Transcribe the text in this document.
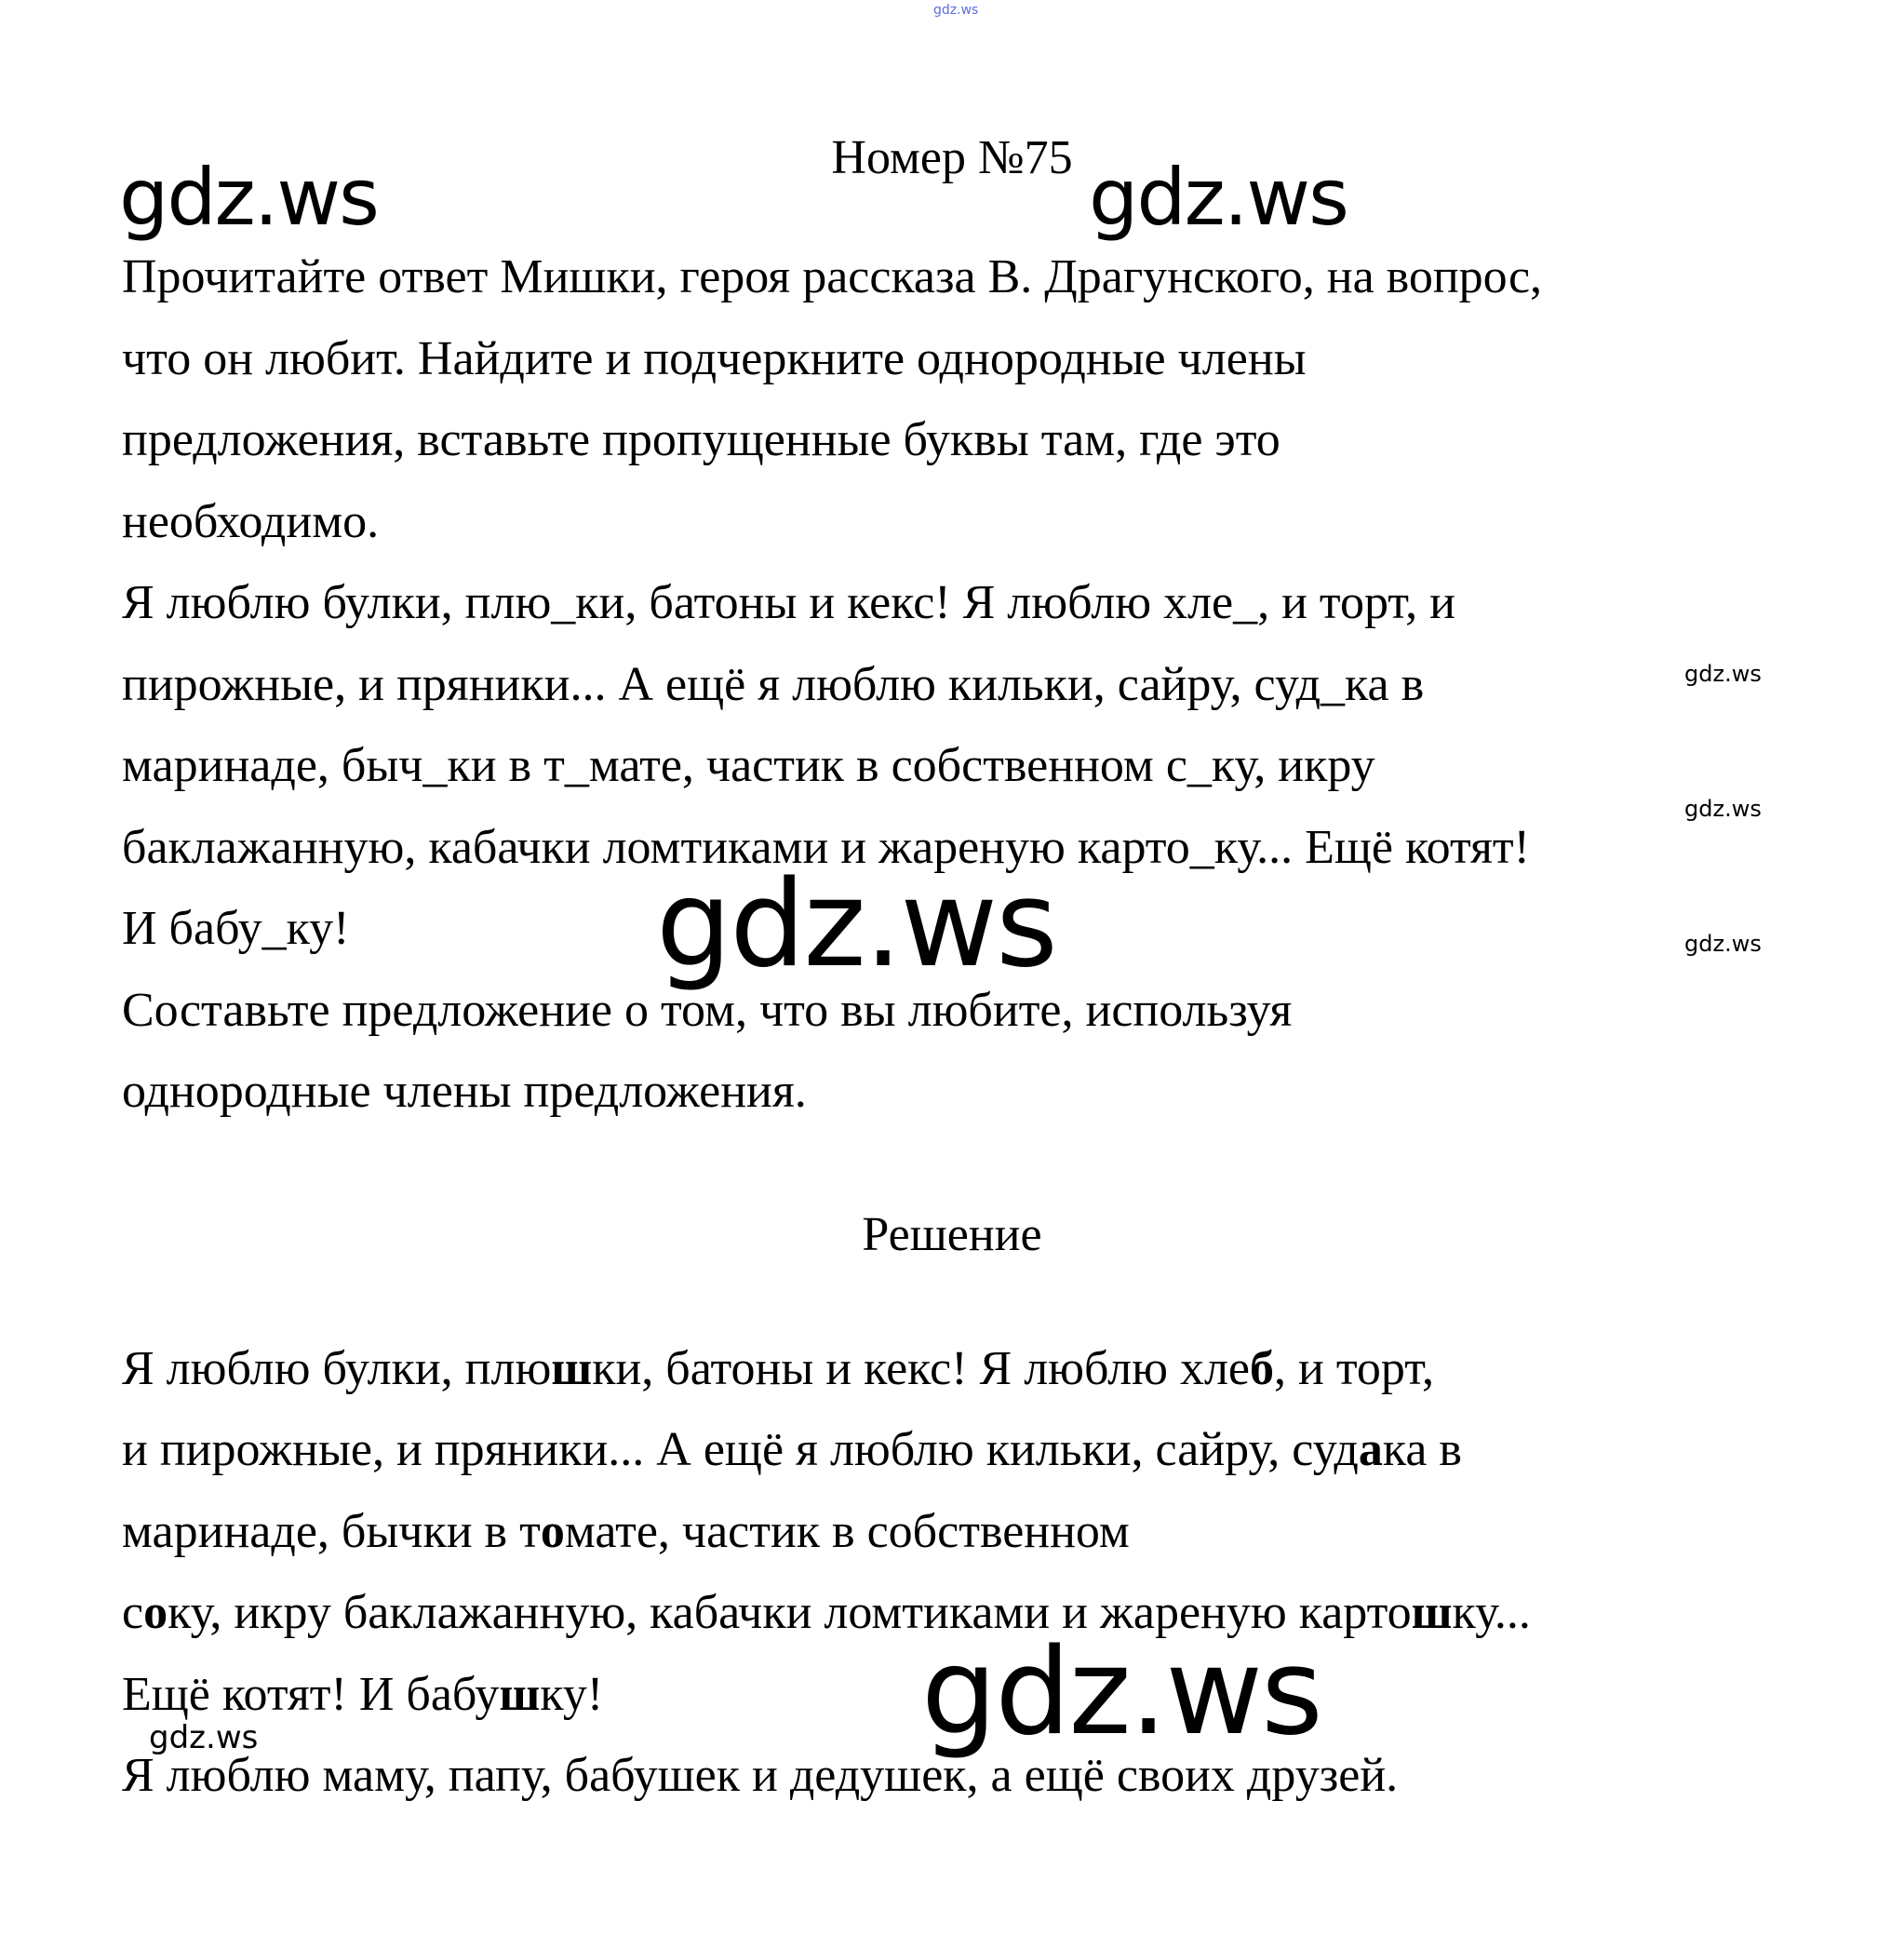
gdz.ws
Номер №75
gdz.ws	gdz.ws
Прочитайте ответ Мишки, героя рассказа В. Драгунского, на вопрос,
что он любит. Найдите и подчеркните однородные члены
предложения, вставьте пропущенные буквы там, где это
необходимо.
Я люблю булки, плю_ки, батоны и кекс! Я люблю хле_, и торт, и
пирожные, и пряники... А ещё я люблю кильки, сайру, суд_ка в
маринаде, быч_ки в т_мате, частик в собственном с_ку, икру
баклажанную, кабачки ломтиками и жареную карто_ку... Ещё котят!
И бабу_ку!
Составьте предложение о том, что вы любите, используя
однородные члены предложения.
gdz.ws
gdz.ws
gdz.ws
gdz.ws
Решение
Я люблю булки, плюшки, батоны и кекс! Я люблю хлеб, и торт,
и пирожные, и пряники... А ещё я люблю кильки, сайру, судака в
маринаде, бычки в томате, частик в собственном
соку, икру баклажанную, кабачки ломтиками и жареную картошку...
Ещё котят! И бабушку!
Я люблю маму, папу, бабушек и дедушек, а ещё своих друзей.
gdz.ws	gdz.ws
